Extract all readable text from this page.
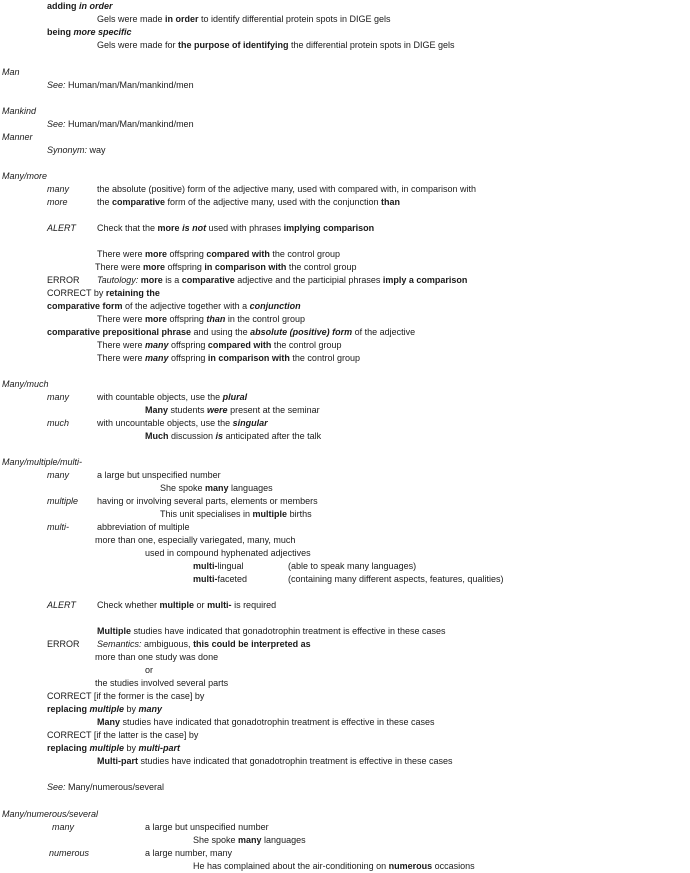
adding in order
Gels were made in order to identify differential protein spots in DIGE gels
being more specific
Gels were made for the purpose of identifying the differential protein spots in DIGE gels
Man
See: Human/man/Man/mankind/men
Mankind
See: Human/man/Man/mankind/men
Manner
Synonym: way
Many/more
many	the absolute (positive) form of the adjective many, used with compared with, in comparison with
more	the comparative form of the adjective many, used with the conjunction than
ALERT Check that the more is not used with phrases implying comparison
There were more offspring compared with the control group
There were more offspring in comparison with the control group
ERROR Tautology: more is a comparative adjective and the participial phrases imply a comparison
CORRECT by retaining the
comparative form of the adjective together with a conjunction
There were more offspring than in the control group
comparative prepositional phrase and using the absolute (positive) form of the adjective
There were many offspring compared with the control group
There were many offspring in comparison with the control group
Many/much
many	with countable objects, use the plural
Many students were present at the seminar
much	with uncountable objects, use the singular
Much discussion is anticipated after the talk
Many/multiple/multi-
many	a large but unspecified number
She spoke many languages
multiple having or involving several parts, elements or members
This unit specialises in multiple births
multi-	abbreviation of multiple
more than one, especially variegated, many, much
used in compound hyphenated adjectives
multi-lingual	(able to speak many languages)
multi-faceted	(containing many different aspects, features, qualities)
ALERT Check whether multiple or multi- is required
Multiple studies have indicated that gonadotrophin treatment is effective in these cases
ERROR Semantics: ambiguous, this could be interpreted as
more than one study was done
or
the studies involved several parts
CORRECT [if the former is the case] by
replacing multiple by many
Many studies have indicated that gonadotrophin treatment is effective in these cases
CORRECT [if the latter is the case] by
replacing multiple by multi-part
Multi-part studies have indicated that gonadotrophin treatment is effective in these cases
See: Many/numerous/several
Many/numerous/several
many	a large but unspecified number
She spoke many languages
numerous	a large number, many
He has complained about the air-conditioning on numerous occasions
